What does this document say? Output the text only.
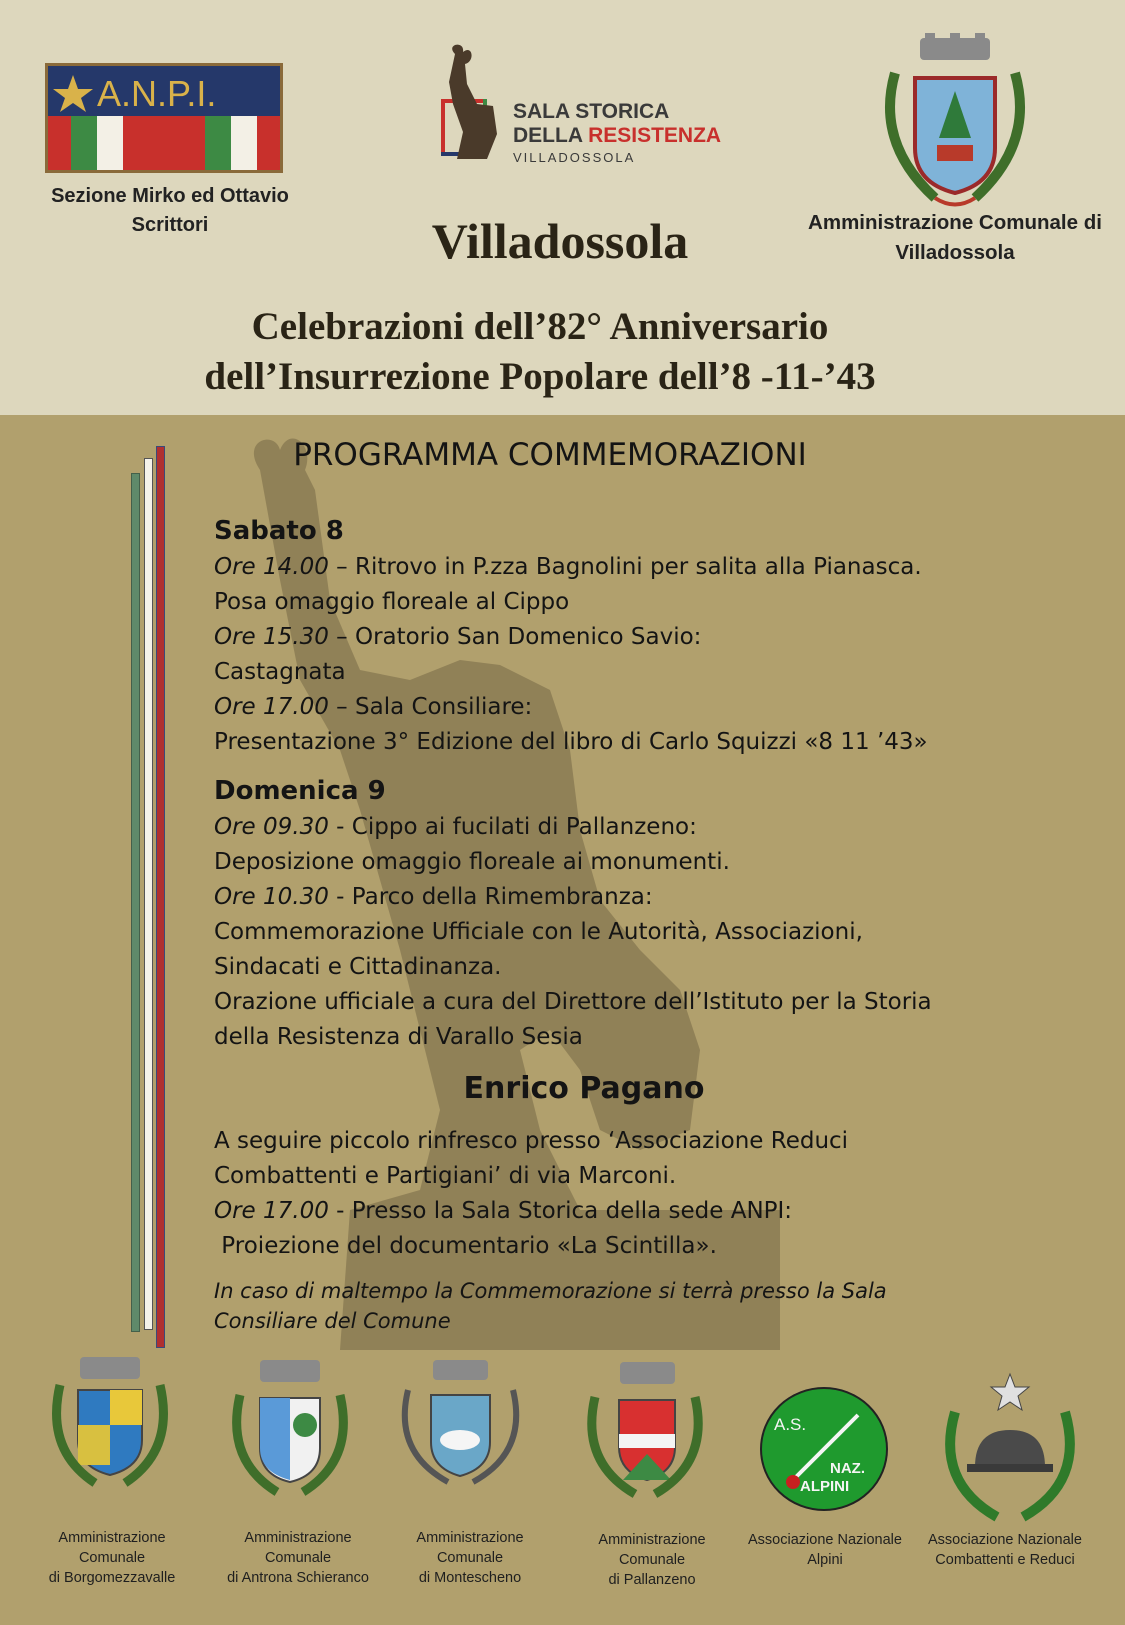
A.N.P.I.
Sezione Mirko ed Ottavio Scrittori
SALA STORICA
DELLA RESISTENZA
VILLADOSSOLA
Villadossola	Amministrazione Comunale di Villadossola
Celebrazioni dell’82° Anniversario
dell’Insurrezione Popolare dell’8 -11-’43
PROGRAMMA COMMEMORAZIONI
Sabato 8
Ore 14.00 – Ritrovo in P.zza Bagnolini per salita alla Pianasca.
Posa omaggio floreale al Cippo
Ore 15.30 – Oratorio San Domenico Savio:
Castagnata
Ore 17.00 – Sala Consiliare:
Presentazione 3° Edizione del libro di Carlo Squizzi «8 11 ’43»
Domenica 9
Ore 09.30 - Cippo ai fucilati di Pallanzeno:
Deposizione omaggio floreale ai monumenti.
Ore 10.30 - Parco della Rimembranza:
Commemorazione Ufficiale con le Autorità, Associazioni,
Sindacati e Cittadinanza.
Orazione ufficiale a cura del Direttore dell’Istituto per la Storia
della Resistenza di Varallo Sesia
Enrico Pagano
A seguire piccolo rinfresco presso ‘Associazione Reduci
Combattenti e Partigiani’ di via Marconi.
Ore 17.00 - Presso la Sala Storica della sede ANPI:
Proiezione del documentario «La Scintilla».
In caso di maltempo la Commemorazione si terrà presso la Sala
Consiliare del Comune
A.S.
NAZ.
ALPINI
Amministrazione
Comunale
di Borgomezzavalle
Amministrazione
Comunale
di Antrona Schieranco
Amministrazione
Comunale
di Montescheno
Amministrazione
Comunale
di Pallanzeno
Associazione Nazionale
Alpini
Associazione Nazionale
Combattenti e Reduci
